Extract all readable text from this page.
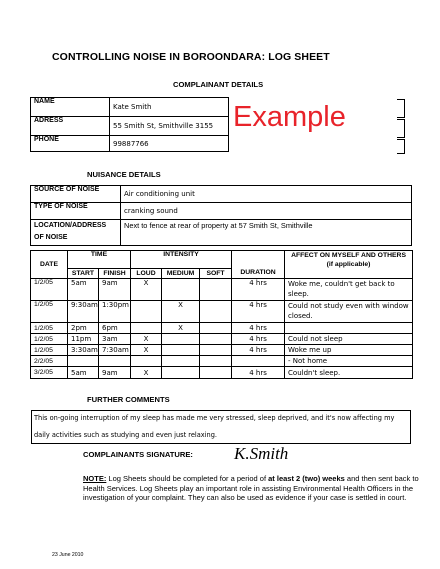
CONTROLLING NOISE IN BOROONDARA: LOG SHEET
COMPLAINANT DETAILS
NAME	Kate Smith
ADRESS	55 Smith St, Smithville 3155
PHONE	99887766
Example
NUISANCE DETAILS
SOURCE OF NOISE	Air conditioning unit
TYPE OF NOISE	cranking sound

LOCATION/ADDRESS
OF NOISE	Next to fence at rear of property at 57 Smith St, Smithville
DATE	TIME		INTENSITY			DURATION	AFFECT ON MYSELF AND OTHERS (if applicable)
	START	FINISH	LOUD	MEDIUM	SOFT		
1/2/05	5am	9am	X			4 hrs	Woke me, couldn't get back to sleep.
1/2/05	9:30am	1:30pm		X		4 hrs	Could not study even with window closed.
1/2/05	2pm	6pm		X		4 hrs	
1/2/05	11pm	3am	X			4 hrs	Could not sleep
1/2/05	3:30am	7:30am	X			4 hrs	Woke me up
2/2/05							- Not home
3/2/05	5am	9am	X			4 hrs	Couldn't sleep.
FURTHER COMMENTS
This on-going interruption of my sleep has made me very stressed, sleep deprived, and it's now affecting my
daily activities such as studying and even just relaxing.
COMPLAINANTS SIGNATURE: K.Smith
NOTE: Log Sheets should be completed for a period of at least 2 (two) weeks and then sent back to Health Services. Log Sheets play an important role in assisting Environmental Health Officers in the investigation of your complaint. They can also be used as evidence if your case is settled in court.
23 June 2010
